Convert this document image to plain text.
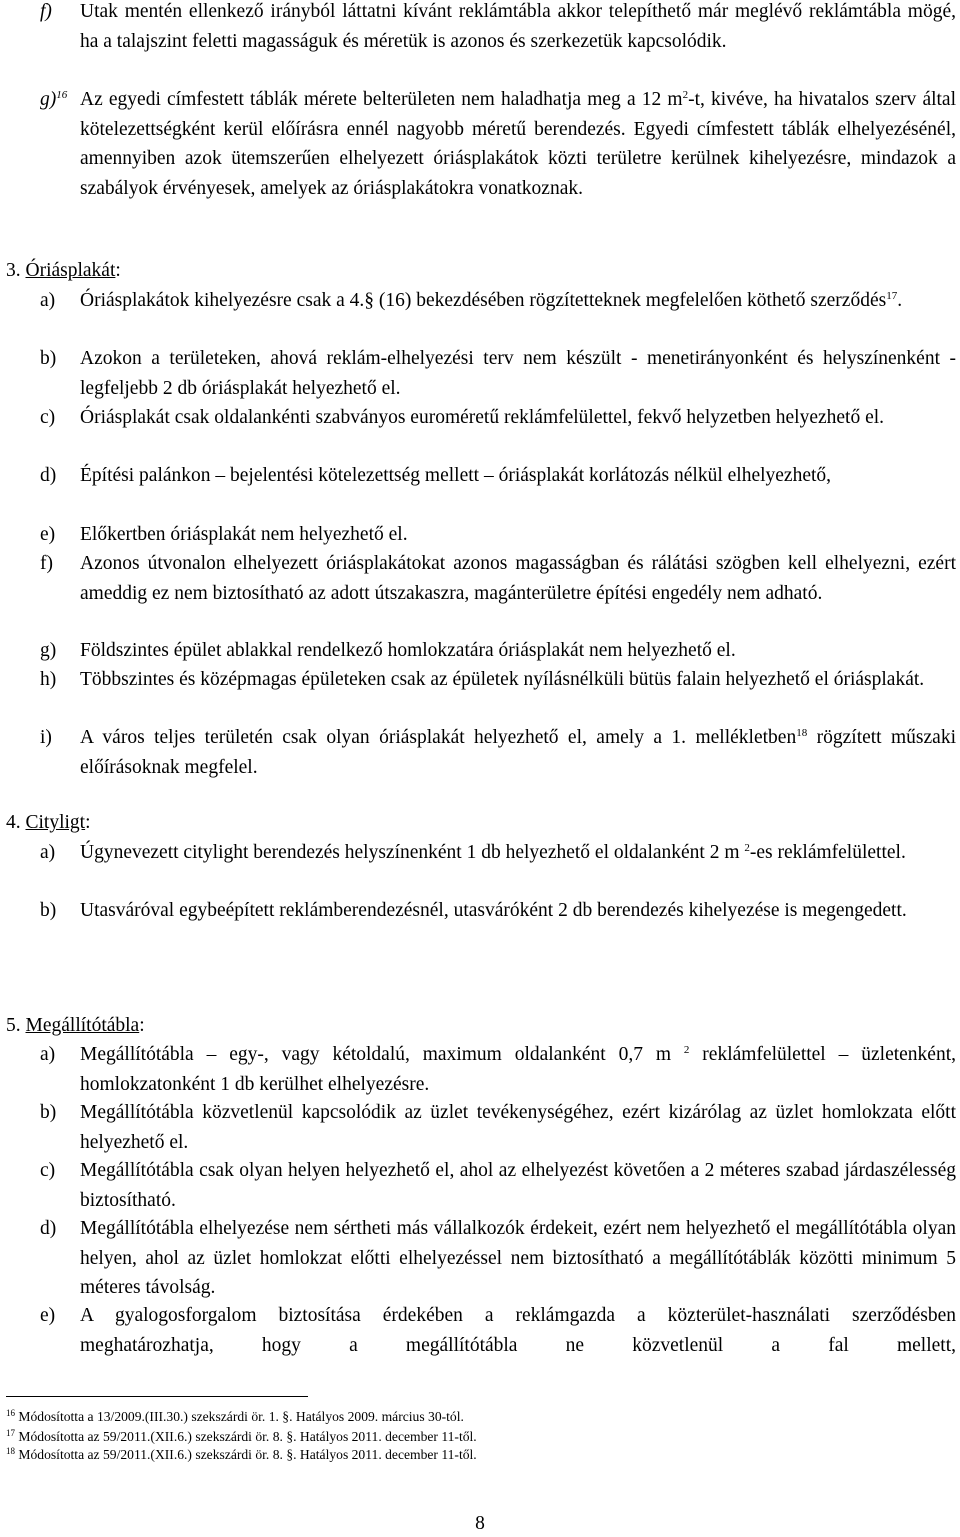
f) Utak mentén ellenkező irányból láttatni kívánt reklámtábla akkor telepíthető már meglévő reklámtábla mögé, ha a talajszint feletti magasságuk és méretük is azonos és szerkezetük kapcsolódik.
g)$^{16}$ Az egyedi címfestett táblák mérete belterületen nem haladhatja meg a 12 $m^2-t$, kivéve, ha hivatalos szerv által kötelezettségként kerül előírásra ennél nagyobb méretű berendezés. Egyedi címfestett táblák elhelyezésénél, amennyiben azok ütemszerűen elhelyezett óriásplakátok közti területre kerülnek kihelyezésre, mindazok a szabályok érvényesek, amelyek az óriásplakátokra vonatkoznak.
3. Óriásplakát:
a) Óriásplakátok kihelyezésre csak a 4.§ (16) bekezdésében rögzítetteknek megfelelően köthető szerződés$^{17}$.
b) Azokon a területeken, ahová reklám-elhelyezési terv nem készült - menetirányonként és helyszínenként - legfeljebb 2 db óriásplakát helyezhető el.
c) Óriásplakát csak oldalankénti szabványos euroméretű reklámfelülettel, fekvő helyzetben helyezhető el.
d) Építési palánkon – bejelentési kötelezettség mellett – óriásplakát korlátozás nélkül elhelyezhető,
e) Előkertben óriásplakát nem helyezhető el.
f) Azonos útvonalon elhelyezett óriásplakátokat azonos magasságban és rálátási szögben kell elhelyezni, ezért ameddig ez nem biztosítható az adott útszakaszra, magánterületre építési engedély nem adható.
g) Földszintes épület ablakkal rendelkező homlokzatára óriásplakát nem helyezhető el.
h) Többszintes és középmagas épületeken csak az épületek nyílásnélküli bütüs falain helyezhető el óriásplakát.
i) A város teljes területén csak olyan óriásplakát helyezhető el, amely a 1. mellékletben$^{18}$ rögzített műszaki előírásoknak megfelel.
4. Cityligt:
a) Úgynevezett citylight berendezés helyszínenként 1 db helyezhető el oldalanként 2 m $^2$-es reklámfelülettel.
b) Utasváróval egybeépített reklámberendezésnél, utasváróként 2 db berendezés kihelyezése is megengedett.
5. Megállítótábla:
a) Megállítótábla – egy-, vagy kétoldalú, maximum oldalanként 0,7 m $^2$ reklámfelülettel – üzletenként, homlokzatonként 1 db kerülhet elhelyezésre.
b) Megállítótábla közvetlenül kapcsolódik az üzlet tevékenységéhez, ezért kizárólag az üzlet homlokzata előtt helyezhető el.
c) Megállítótábla csak olyan helyen helyezhető el, ahol az elhelyezést követően a 2 méteres szabad járdaszélesség biztosítható.
d) Megállítótábla elhelyezése nem sértheti más vállalkozók érdekeit, ezért nem helyezhető el megállítótábla olyan helyen, ahol az üzlet homlokzat előtti elhelyezéssel nem biztosítható a megállítótáblák közötti minimum 5 méteres távolság.
e) A gyalogosforgalom biztosítása érdekében a reklámgazda a közterület-használati szerződésben meghatározhatja, hogy a megállítótábla ne közvetlenül a fal mellett,
$^{16}$ Módosította a 13/2009.(III.30.) szekszárdi ör. 1. §. Hatályos 2009. március 30-tól.
$^{17}$ Módosította az 59/2011.(XII.6.) szekszárdi ör. 8. §. Hatályos 2011. december 11-től.
$^{18}$ Módosította az 59/2011.(XII.6.) szekszárdi ör. 8. §. Hatályos 2011. december 11-től.
8
